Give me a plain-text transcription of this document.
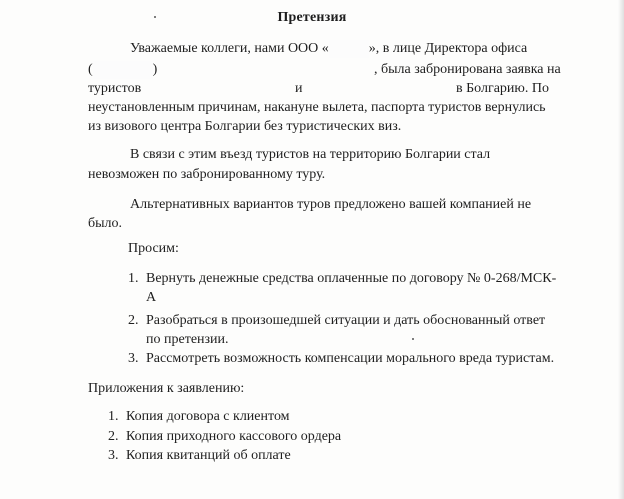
Претензия
Уважаемые коллеги, нами ООО «	», в лице Директора офиса
(	)	, была забронирована заявка на
туристов	и	в Болгарию. По
неустановленным причинам, накануне вылета, паспорта туристов вернулись
из визового центра Болгарии без туристических виз.
В связи с этим въезд туристов на территорию Болгарии стал
невозможен по забронированному туру.
Альтернативных вариантов туров предложено вашей компанией не
было.
Просим:
1. Вернуть денежные средства оплаченные по договору № 0-268/МСК-
А
2. Разобраться в произошедшей ситуации и дать обоснованный ответ
по претензии.
3. Рассмотреть возможность компенсации морального вреда туристам.
Приложения к заявлению:
1. Копия договора с клиентом
2. Копия приходного кассового ордера
3. Копия квитанций об оплате
